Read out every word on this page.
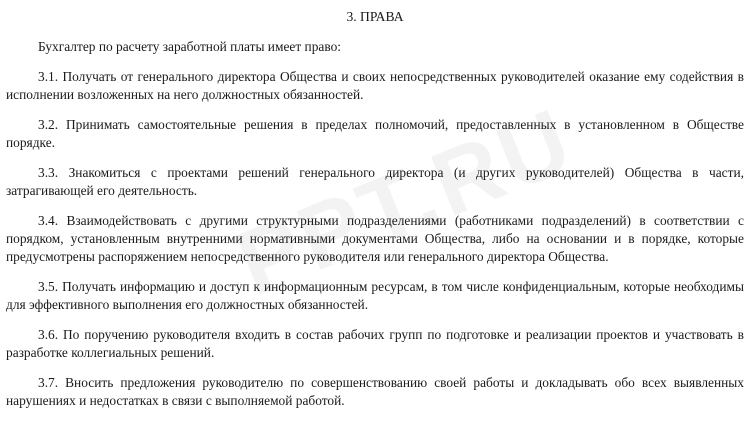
3. ПРАВА

Бухгалтер по расчету заработной платы имеет право:

3.1. Получать от генерального директора Общества и своих непосредственных руководителей оказание ему содействия в исполнении возложенных на него должностных обязанностей.

3.2. Принимать самостоятельные решения в пределах полномочий, предоставленных в установленном в Обществе порядке.

3.3. Знакомиться с проектами решений генерального директора (и других руководителей) Общества в части, затрагивающей его деятельность.

3.4. Взаимодействовать с другими структурными подразделениями (работниками подразделений) в соответствии с порядком, установленным внутренними нормативными документами Общества, либо на основании и в порядке, которые предусмотрены распоряжением непосредственного руководителя или генерального директора Общества.

3.5. Получать информацию и доступ к информационным ресурсам, в том числе конфиденциальным, которые необходимы для эффективного выполнения его должностных обязанностей.

3.6. По поручению руководителя входить в состав рабочих групп по подготовке и реализации проектов и участвовать в разработке коллегиальных решений.

3.7. Вносить предложения руководителю по совершенствованию своей работы и докладывать обо всех выявленных нарушениях и недостатках в связи с выполняемой работой.
